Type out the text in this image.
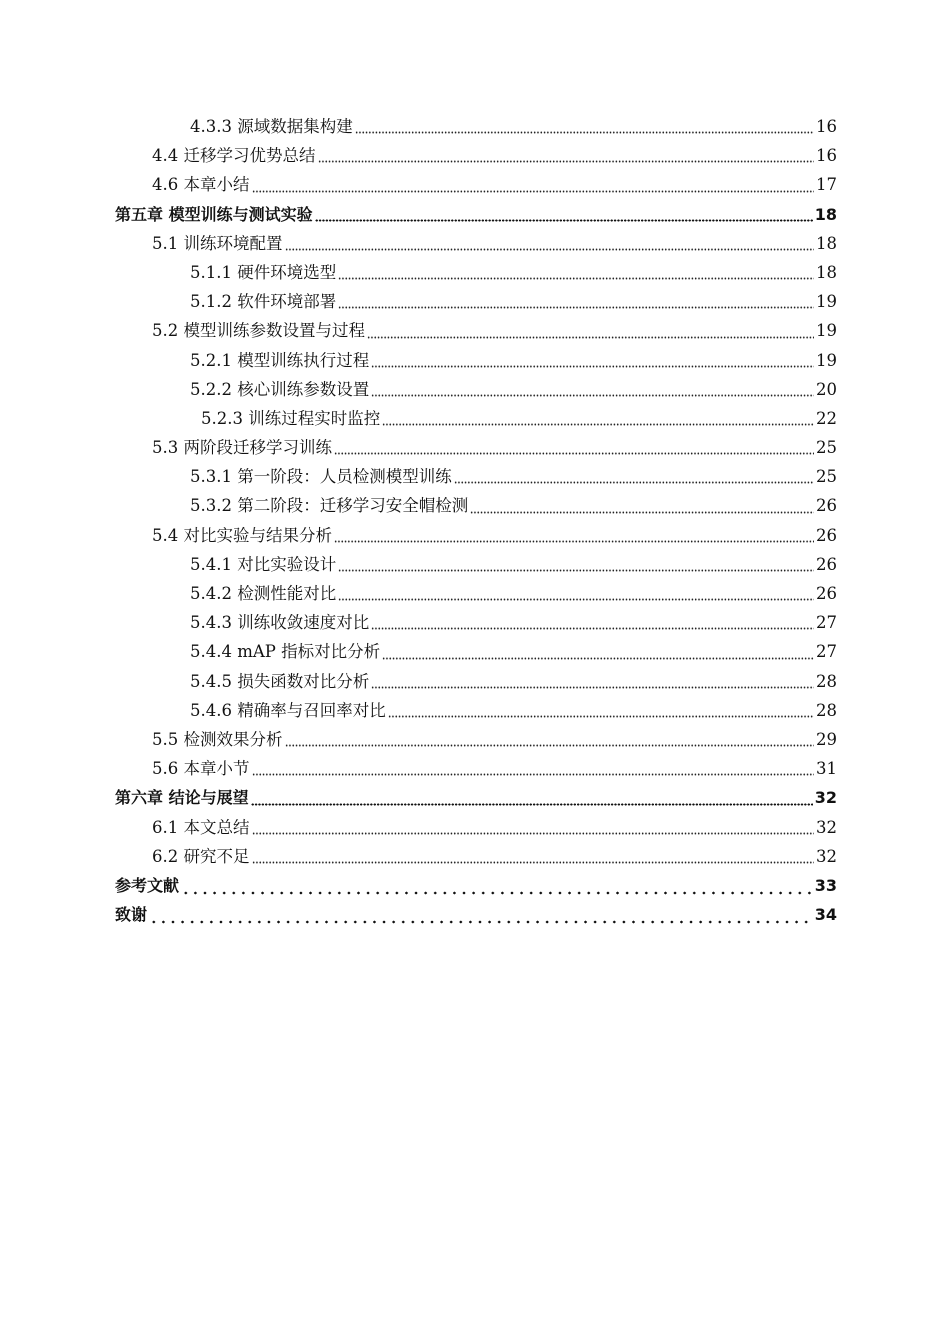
4.3.3 源域数据集构建	16
4.4 迁移学习优势总结	16
4.6 本章小结	17
第五章 模型训练与测试实验	18
5.1 训练环境配置	18
5.1.1 硬件环境选型	18
5.1.2 软件环境部署	19
5.2 模型训练参数设置与过程	19
5.2.1 模型训练执行过程	19
5.2.2 核心训练参数设置	20
5.2.3 训练过程实时监控	22
5.3 两阶段迁移学习训练	25
5.3.1 第一阶段：人员检测模型训练	25
5.3.2 第二阶段：迁移学习安全帽检测	26
5.4 对比实验与结果分析	26
5.4.1 对比实验设计	26
5.4.2 检测性能对比	26
5.4.3 训练收敛速度对比	27
5.4.4 mAP 指标对比分析	27
5.4.5 损失函数对比分析	28
5.4.6 精确率与召回率对比	28
5.5 检测效果分析	29
5.6 本章小节	31
第六章 结论与展望	32
6.1 本文总结	32
6.2 研究不足	32
参考文献	33
致谢	34
